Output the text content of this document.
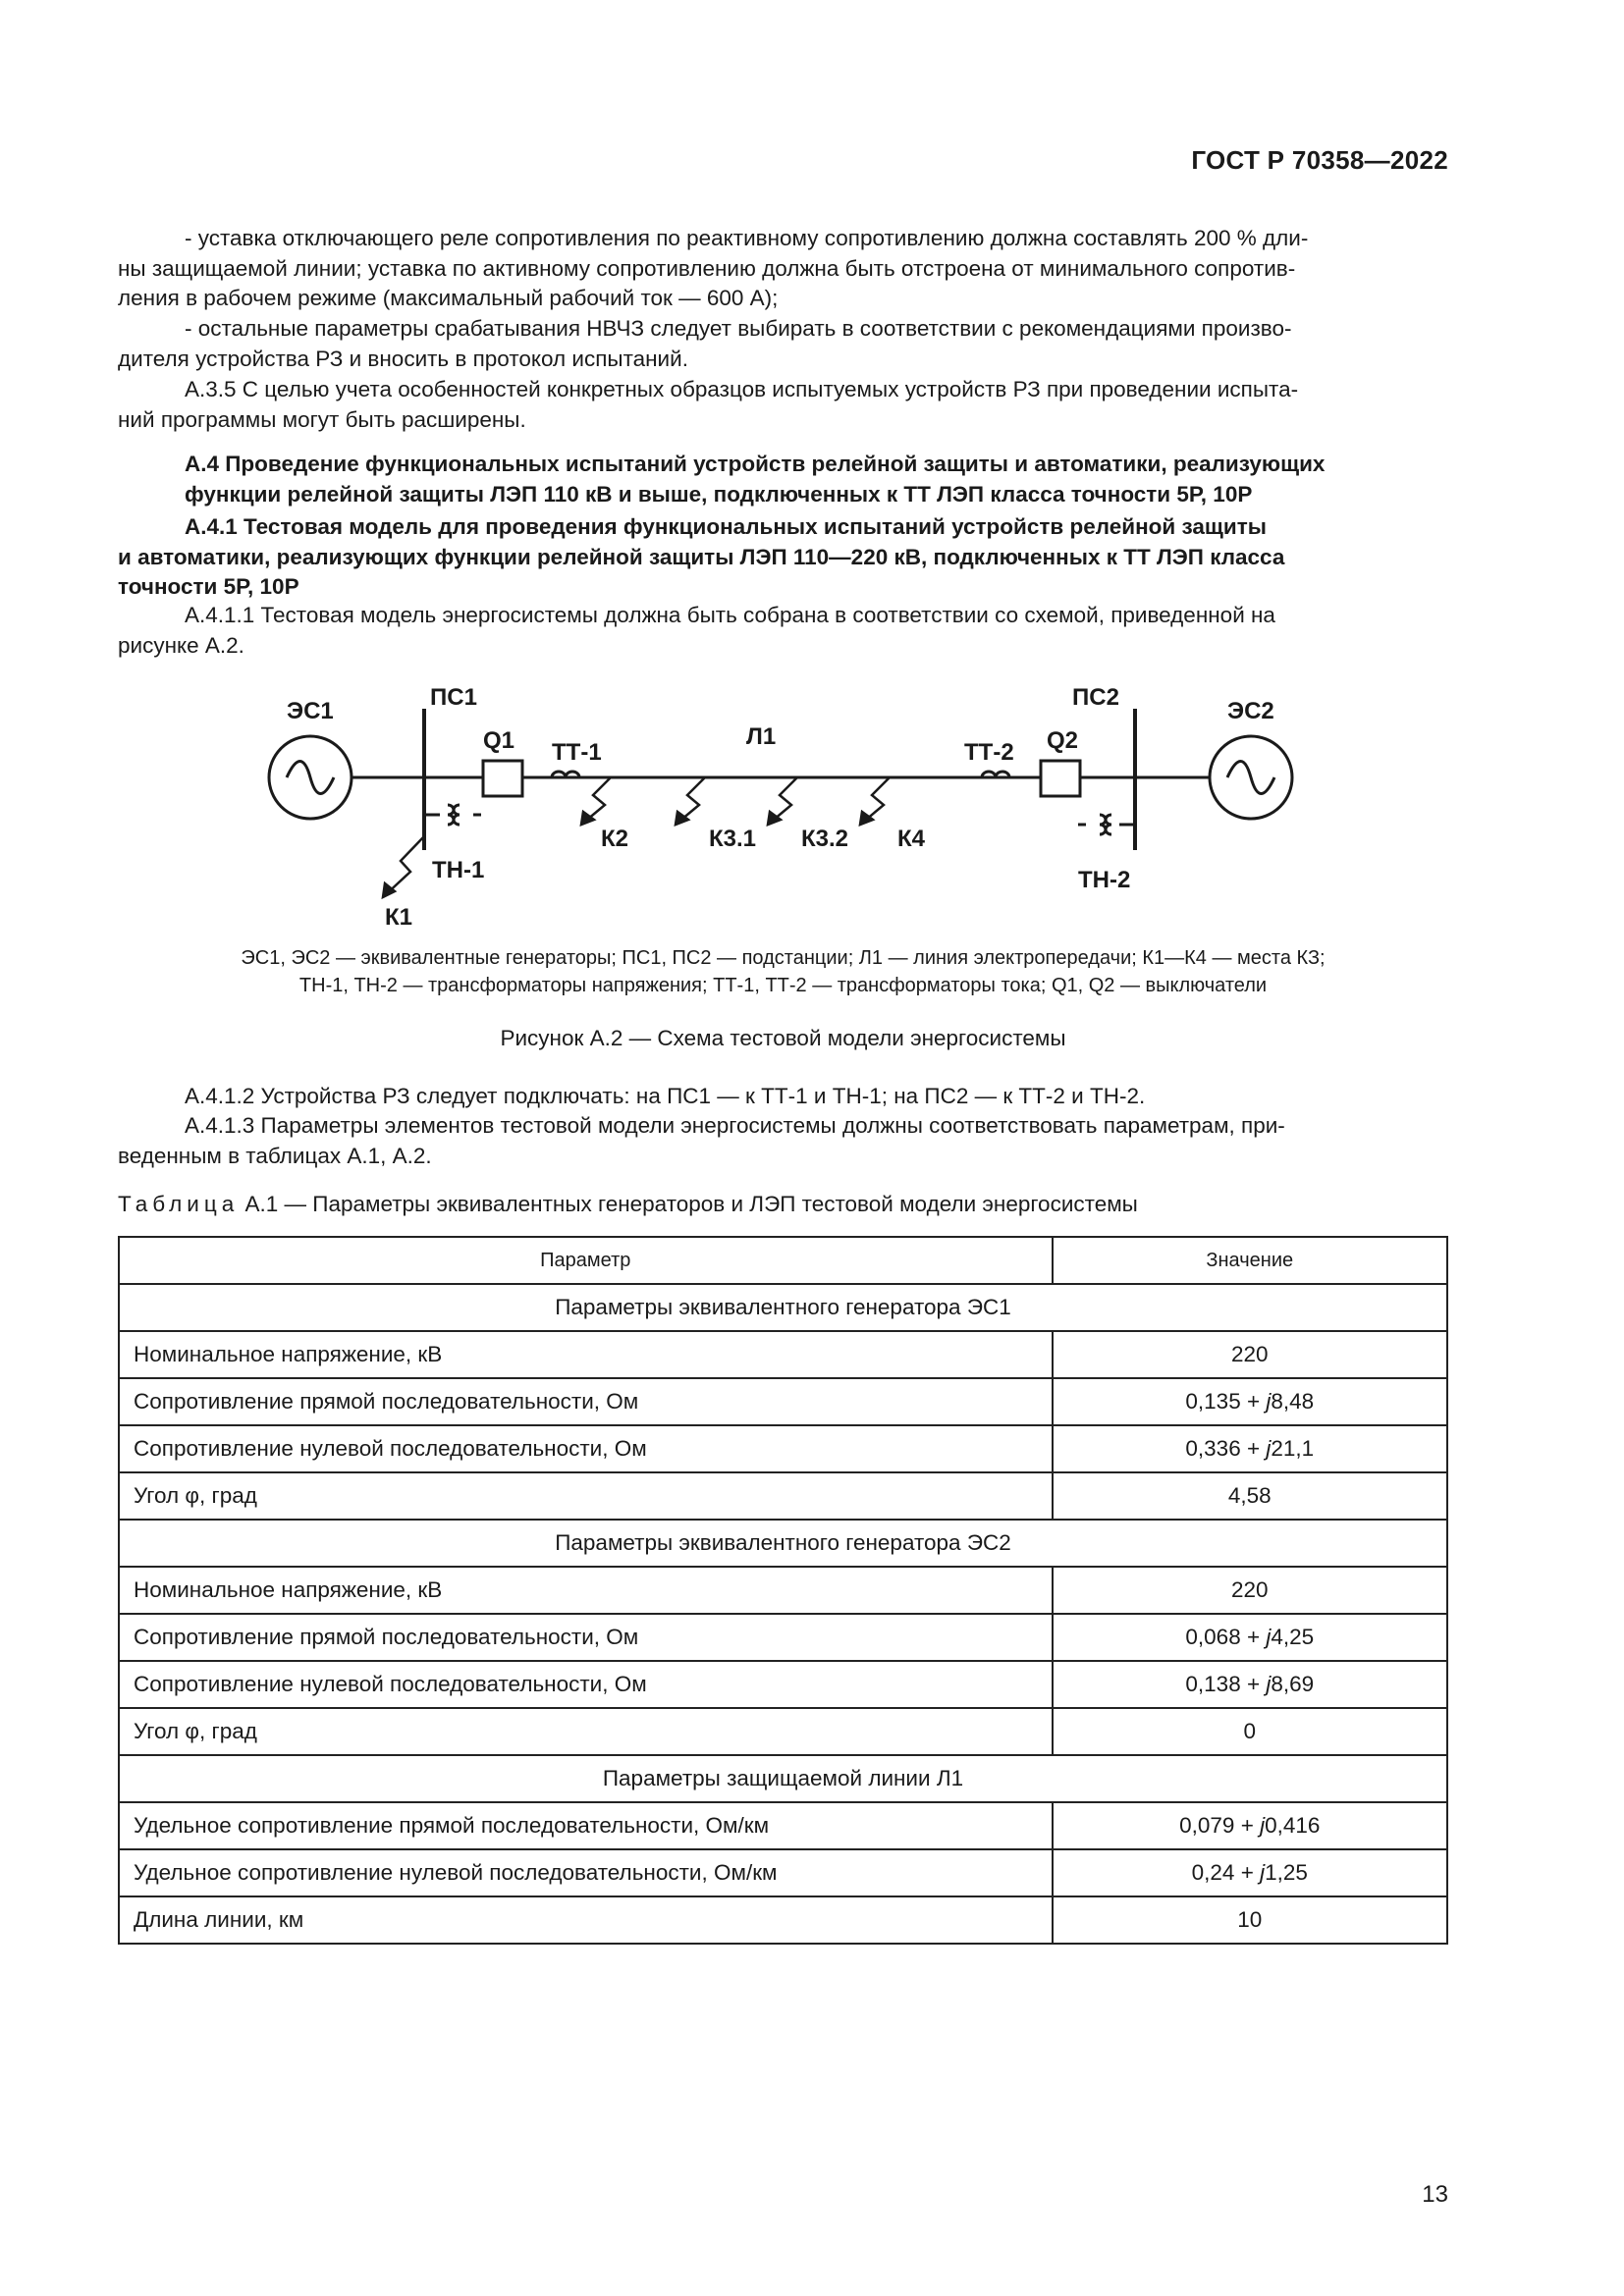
ГОСТ Р 70358—2022
- уставка отключающего реле сопротивления по реактивному сопротивлению должна составлять 200 % дли-
ны защищаемой линии; уставка по активному сопротивлению должна быть отстроена от минимального сопротив-
ления в рабочем режиме (максимальный рабочий ток — 600 А);
- остальные параметры срабатывания НВЧЗ следует выбирать в соответствии с рекомендациями произво-
дителя устройства РЗ и вносить в протокол испытаний.
А.3.5 С целью учета особенностей конкретных образцов испытуемых устройств РЗ при проведении испыта-
ний программы могут быть расширены.
А.4 Проведение функциональных испытаний устройств релейной защиты и автоматики, реализующих
функции релейной защиты ЛЭП 110 кВ и выше, подключенных к ТТ ЛЭП класса точности 5Р, 10Р
А.4.1 Тестовая модель для проведения функциональных испытаний устройств релейной защиты
и автоматики, реализующих функции релейной защиты ЛЭП 110—220 кВ, подключенных к ТТ ЛЭП класса
точности 5Р, 10Р
А.4.1.1 Тестовая модель энергосистемы должна быть собрана в соответствии со схемой, приведенной на
рисунке А.2.
ЭС1
ПС1
Q1 ТТ-1
Л1
ТТ-2 Q2
ПС2
ЭС2
ТН-1	ТН-2
К1
К2	К3.1 К3.2 К4
ЭС1, ЭС2 — эквивалентные генераторы; ПС1, ПС2 — подстанции; Л1 — линия электропередачи; К1—К4 — места КЗ;
ТН-1, ТН-2 — трансформаторы напряжения; ТТ-1, ТТ-2 — трансформаторы тока; Q1, Q2 — выключатели
Рисунок А.2 — Схема тестовой модели энергосистемы
А.4.1.2 Устройства РЗ следует подключать: на ПС1 — к ТТ-1 и ТН-1; на ПС2 — к ТТ-2 и ТН-2.
А.4.1.3 Параметры элементов тестовой модели энергосистемы должны соответствовать параметрам, при-
веденным в таблицах А.1, А.2.
Таблица А.1 — Параметры эквивалентных генераторов и ЛЭП тестовой модели энергосистемы
Параметр	Значение
Параметры эквивалентного генератора ЭС1	
Номинальное напряжение, кВ	220
Сопротивление прямой последовательности, Ом	0,135 + j8,48
Сопротивление нулевой последовательности, Ом	0,336 + j21,1
Угол φ, град	4,58
Параметры эквивалентного генератора ЭС2	
Номинальное напряжение, кВ	220
Сопротивление прямой последовательности, Ом	0,068 + j4,25
Сопротивление нулевой последовательности, Ом	0,138 + j8,69
Угол φ, град	0
Параметры защищаемой линии Л1	
Удельное сопротивление прямой последовательности, Ом/км	0,079 + j0,416
Удельное сопротивление нулевой последовательности, Ом/км	0,24 + j1,25
Длина линии, км	10
13
